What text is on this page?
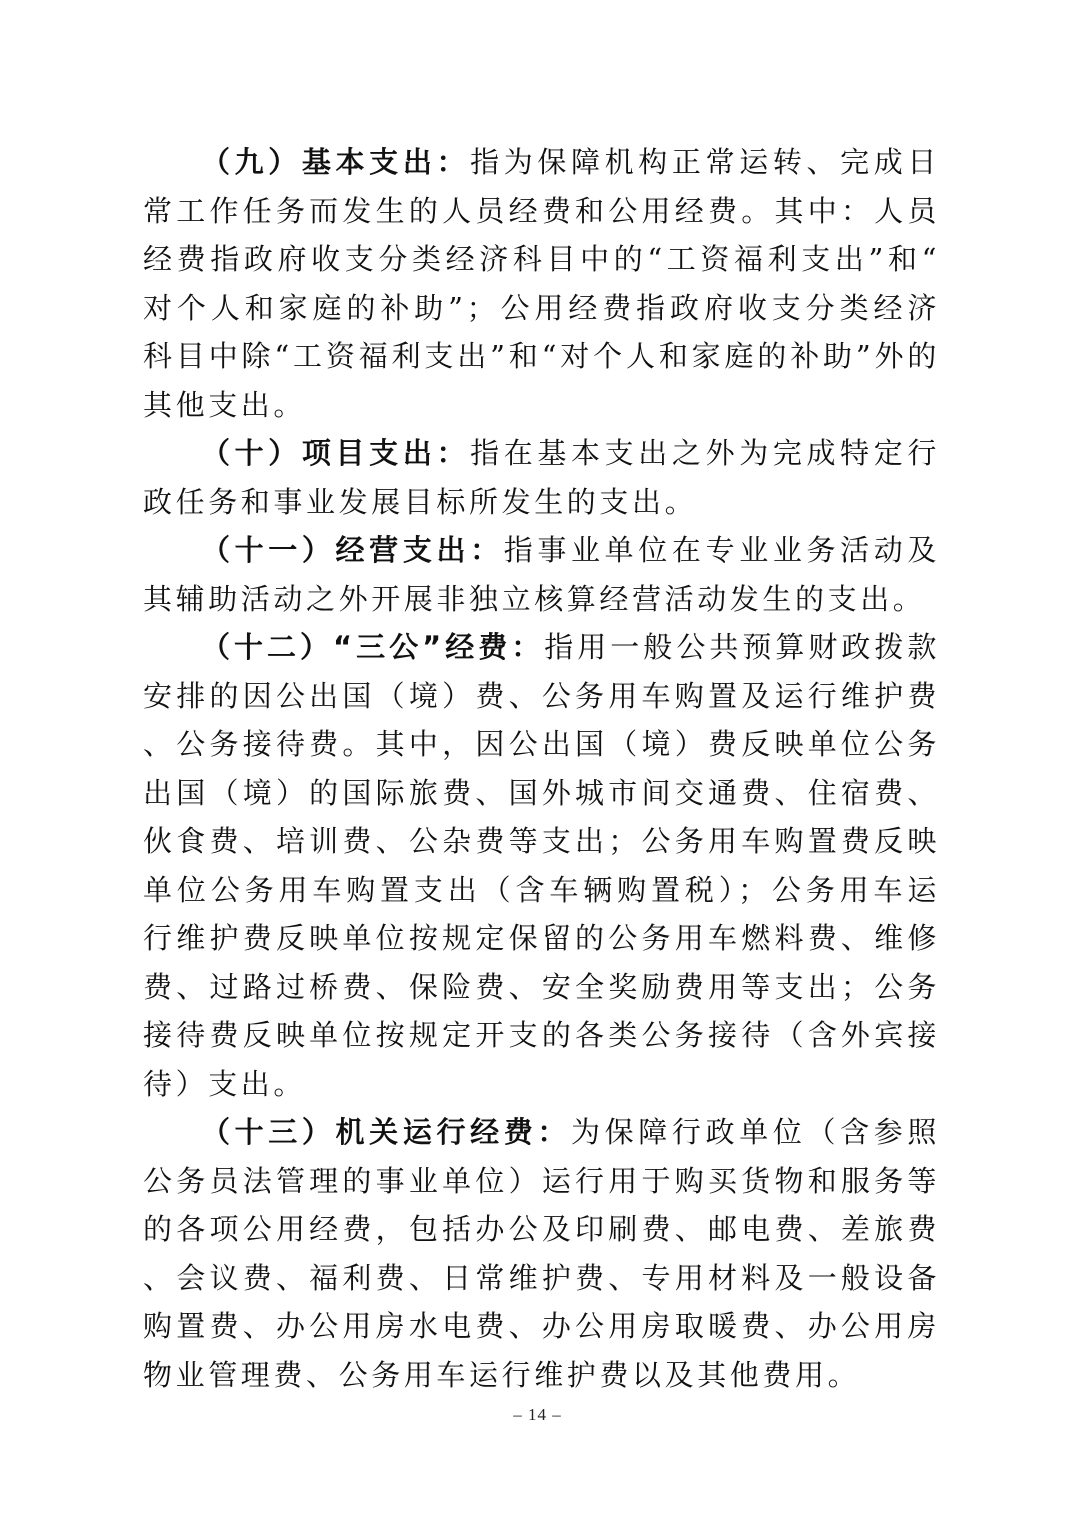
（九）基本支出：指为保障机构正常运转、完成日常工作任务而发生的人员经费和公用经费。其中：人员经费指政府收支分类经济科目中的“工资福利支出”和“对个人和家庭的补助”；公用经费指政府收支分类经济科目中除“工资福利支出”和“对个人和家庭的补助”外的其他支出。

（十）项目支出：指在基本支出之外为完成特定行政任务和事业发展目标所发生的支出。

（十一）经营支出：指事业单位在专业业务活动及其辅助活动之外开展非独立核算经营活动发生的支出。

（十二）“三公”经费：指用一般公共预算财政拨款安排的因公出国（境）费、公务用车购置及运行维护费、公务接待费。其中，因公出国（境）费反映单位公务出国（境）的国际旅费、国外城市间交通费、住宿费、伙食费、培训费、公杂费等支出；公务用车购置费反映单位公务用车购置支出（含车辆购置税）；公务用车运行维护费反映单位按规定保留的公务用车燃料费、维修费、过路过桥费、保险费、安全奖励费用等支出；公务接待费反映单位按规定开支的各类公务接待（含外宾接待）支出。

（十三）机关运行经费：为保障行政单位（含参照公务员法管理的事业单位）运行用于购买货物和服务等的各项公用经费，包括办公及印刷费、邮电费、差旅费、会议费、福利费、日常维护费、专用材料及一般设备购置费、办公用房水电费、办公用房取暖费、办公用房物业管理费、公务用车运行维护费以及其他费用。

– 14 –
